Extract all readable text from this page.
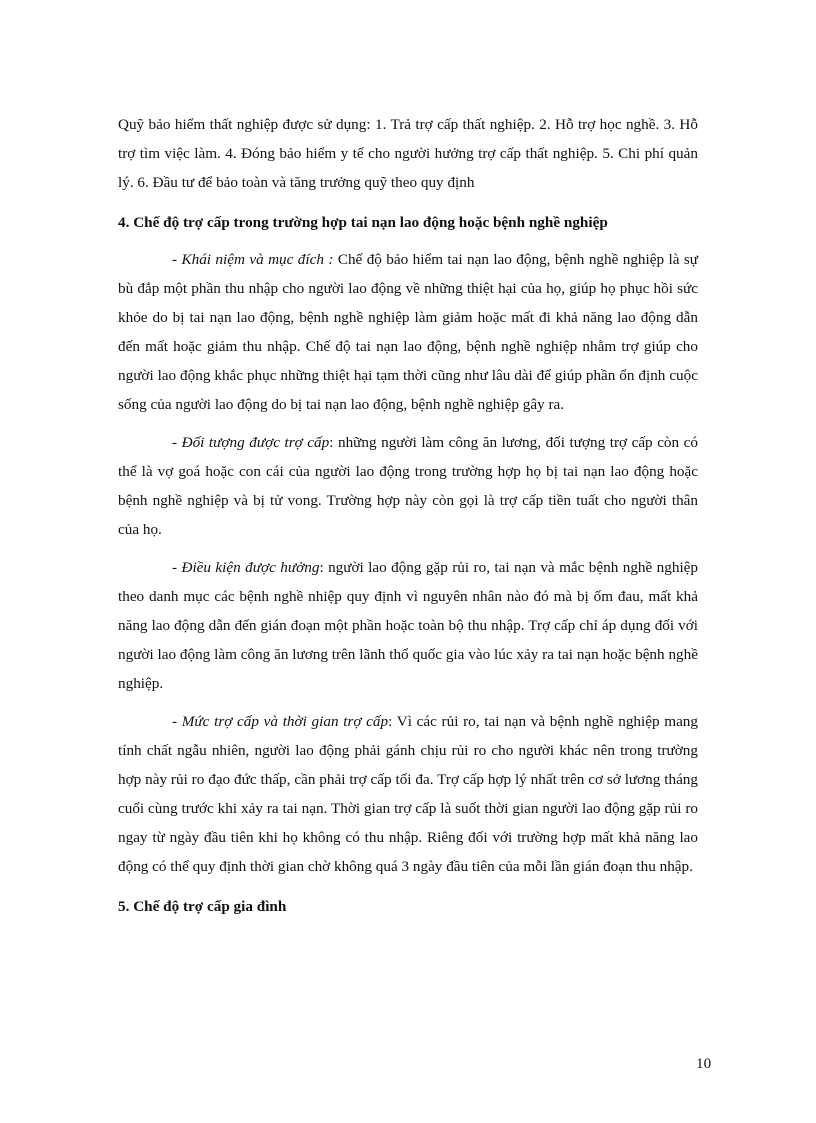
Quỹ bảo hiểm thất nghiệp được sử dụng: 1. Trả trợ cấp thất nghiệp. 2. Hỗ trợ học nghề. 3. Hỗ trợ tìm việc làm. 4. Đóng bảo hiểm y tế cho người hưởng trợ cấp thất nghiệp. 5. Chi phí quản lý. 6. Đầu tư để bảo toàn và tăng trưởng quỹ theo quy định

4. Chế độ trợ cấp trong trường hợp tai nạn lao động hoặc bệnh nghề nghiệp

- Khái niệm và mục đích : Chế độ bảo hiểm tai nạn lao động, bệnh nghề nghiệp là sự bù đắp một phần thu nhập cho người lao động về những thiệt hại của họ, giúp họ phục hồi sức khỏe do bị tai nạn lao động, bệnh nghề nghiệp làm giảm hoặc mất đi khả năng lao động dẫn đến mất hoặc giảm thu nhập. Chế độ tai nạn lao động, bệnh nghề nghiệp nhằm trợ giúp cho người lao động khắc phục những thiệt hại tạm thời cũng như lâu dài để giúp phần ổn định cuộc sống của người lao động do bị tai nạn lao động, bệnh nghề nghiệp gây ra.

- Đối tượng được trợ cấp: những người làm công ăn lương, đối tượng trợ cấp còn có thể là vợ goá hoặc con cái của người lao động trong trường hợp họ bị tai nạn lao động hoặc bệnh nghề nghiệp và bị tử vong. Trường hợp này còn gọi là trợ cấp tiền tuất cho người thân của họ.

- Điều kiện được hưởng: người lao động gặp rủi ro, tai nạn và mắc bệnh nghề nghiệp theo danh mục các bệnh nghề nhiệp quy định vì nguyên nhân nào đó mà bị ốm đau, mất khả năng lao động dẫn đến gián đoạn một phần hoặc toàn bộ thu nhập. Trợ cấp chỉ áp dụng đối với người lao động làm công ăn lương trên lãnh thổ quốc gia vào lúc xảy ra tai nạn hoặc bệnh nghề nghiệp.

- Mức trợ cấp và thời gian trợ cấp: Vì các rủi ro, tai nạn và bệnh nghề nghiệp mang tính chất ngẫu nhiên, người lao động phải gánh chịu rủi ro cho người khác nên trong trường hợp này rủi ro đạo đức thấp, cần phải trợ cấp tối đa. Trợ cấp hợp lý nhất trên cơ sở lương tháng cuối cùng trước khi xảy ra tai nạn. Thời gian trợ cấp là suốt thời gian người lao động gặp rủi ro ngay từ ngày đầu tiên khi họ không có thu nhập. Riêng đối với trường hợp mất khả năng lao động có thể quy định thời gian chờ không quá 3 ngày đầu tiên của mỗi lần gián đoạn thu nhập.

5. Chế độ trợ cấp gia đình
10
